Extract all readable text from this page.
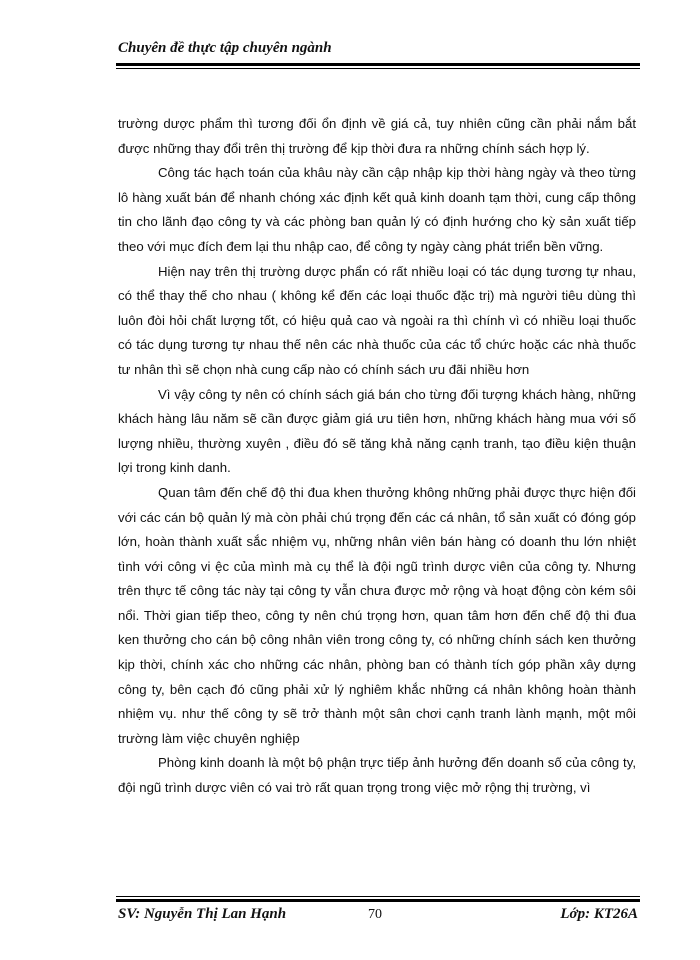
Chuyên đề thực tập chuyên ngành

trường dược phẩm thì tương đối ổn định về giá cả, tuy nhiên cũng cần phải nắm bắt được những thay đổi trên thị trường để kịp thời đưa ra những chính sách hợp lý.

Công tác hạch toán của khâu này cần cập nhập kịp thời hàng ngày và theo từng lô hàng xuất bán để nhanh chóng xác định kết quả kinh doanh tạm thời, cung cấp thông tin cho lãnh đạo công ty và các phòng ban quản lý có định hướng cho kỳ sản xuất tiếp theo với mục đích đem lại thu nhập cao, để công ty ngày càng phát triển bền vững.

Hiện nay trên thị trường dược phẩn có rất nhiều loại có tác dụng tương tự nhau, có thể thay thế cho nhau ( không kể đến các loại thuốc đặc trị) mà người tiêu dùng thì luôn đòi hỏi chất lượng tốt, có hiệu quả cao và ngoài ra thì chính vì có nhiều loại thuốc có tác dụng tương tự nhau thế nên các nhà thuốc của các tổ chức hoặc các nhà thuốc tư nhân thì sẽ chọn nhà cung cấp nào có chính sách ưu đãi nhiều hơn

Vì vậy công ty nên có chính sách giá bán cho từng đối tượng khách hàng, những khách hàng lâu năm sẽ cần được giảm giá ưu tiên hơn, những khách hàng mua với số lượng nhiều, thường xuyên , điều đó sẽ tăng khả năng cạnh tranh, tạo điều kiện thuận lợi trong kinh danh.

Quan tâm đến chế độ thi đua khen thưởng không những phải được thực hiện đối với các cán bộ quản lý mà còn phải chú trọng đến các cá nhân, tổ sản xuất có đóng góp lớn, hoàn thành xuất sắc nhiệm vụ, những nhân viên bán hàng có doanh thu lớn nhiệt tình với công vi ệc của mình mà cụ thể là đội ngũ trình dược viên của công ty. Nhưng trên thực tế công tác này tại công ty vẫn chưa được mở rộng và hoạt động còn kém sôi nổi. Thời gian tiếp theo, công ty nên chú trọng hơn, quan tâm hơn đến chế độ thi đua ken thưởng cho cán bộ công nhân viên trong công ty, có những chính sách ken thưởng kịp thời, chính xác cho những các nhân, phòng ban có thành tích góp phần xây dựng công ty, bên cạch đó cũng phải xử lý nghiêm khắc những cá nhân không hoàn thành nhiệm vụ. như thế công ty sẽ trở thành một sân chơi cạnh tranh lành mạnh, một môi trường làm việc chuyên nghiệp

Phòng kinh doanh là một bộ phận trực tiếp ảnh hưởng đến doanh số của công ty, đội ngũ trình dược viên có vai trò rất quan trọng trong việc mở rộng thị trường, vì

SV: Nguyễn Thị Lan Hạnh	70	Lớp: KT26A
